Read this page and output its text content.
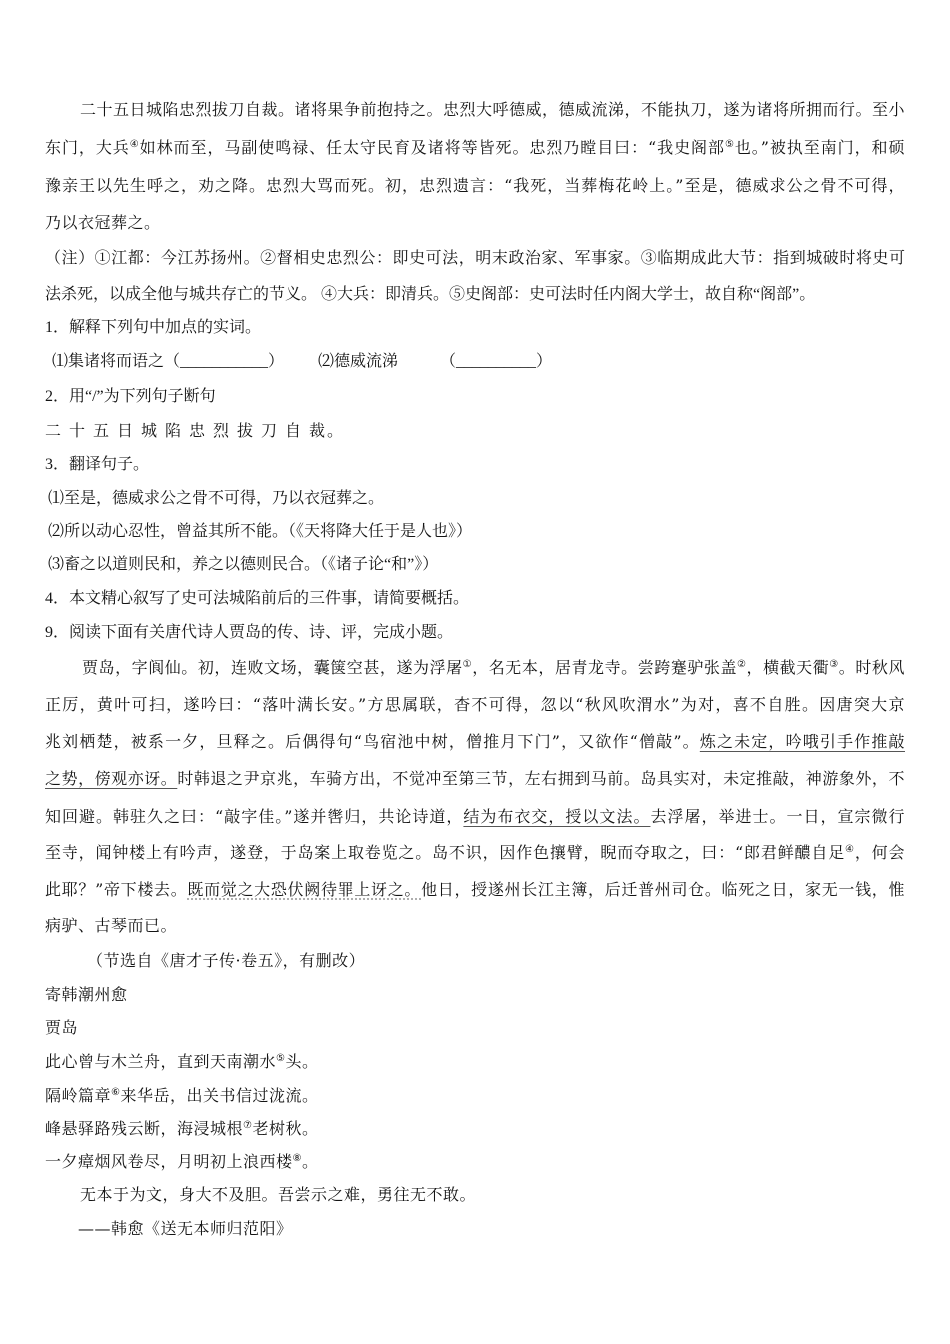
二十五日城陷忠烈拔刀自裁。诸将果争前抱持之。忠烈大呼德威，德威流涕，不能执刀，遂为诸将所拥而行。至小
东门，大兵④如林而至，马副使鸣禄、任太守民育及诸将等皆死。忠烈乃瞠目曰：“我史阁部⑤也。”被执至南门，和硕
豫亲王以先生呼之，劝之降。忠烈大骂而死。初，忠烈遗言：“我死，当葬梅花岭上。”至是，德威求公之骨不可得，
乃以衣冠葬之。
（注）①江都：今江苏扬州。②督相史忠烈公：即史可法，明末政治家、军事家。③临期成此大节：指到城破时将史可
法杀死，以成全他与城共存亡的节义。 ④大兵：即清兵。⑤史阁部：史可法时任内阁大学士，故自称“阁部”。
1．解释下列句中加点的实词。
⑴集诸将而语之（___________）	⑵德威流涕	（__________）
2．用“/”为下列句子断句
二 十 五 日 城 陷 忠 烈 拔 刀 自 裁。
3．翻译句子。
⑴至是，德威求公之骨不可得，乃以衣冠葬之。
⑵所以动心忍性，曾益其所不能。（《天将降大任于是人也》）
⑶畜之以道则民和，养之以德则民合。（《诸子论“和”》）
4．本文精心叙写了史可法城陷前后的三件事，请简要概括。
9．阅读下面有关唐代诗人贾岛的传、诗、评，完成小题。
贾岛，字阆仙。初，连败文场，囊箧空甚，遂为浮屠①，名无本，居青龙寺。尝跨蹇驴张盖②，横截天衢③。时秋风
正厉，黄叶可扫，遂吟曰：“落叶满长安。”方思属联，杳不可得，忽以“秋风吹渭水”为对，喜不自胜。因唐突大京
兆刘栖楚，被系一夕，旦释之。后偶得句“鸟宿池中树，僧推月下门”，又欲作“僧敲”。炼之未定，吟哦引手作推敲
之势，傍观亦讶。时韩退之尹京兆，车骑方出，不觉冲至第三节，左右拥到马前。岛具实对，未定推敲，神游象外，不
知回避。韩驻久之曰：“敲字佳。”遂并辔归，共论诗道，结为布衣交，授以文法。去浮屠，举进士。一日，宣宗微行
至寺，闻钟楼上有吟声，遂登，于岛案上取卷览之。岛不识，因作色攘臂，睨而夺取之，曰：“郎君鲜醲自足④，何会
此耶？”帝下楼去。既而觉之大恐伏阙待罪上讶之。他日，授遂州长江主簿，后迁普州司仓。临死之日，家无一钱，惟
病驴、古琴而已。
（节选自《唐才子传·卷五》，有删改）
寄韩潮州愈
贾岛
此心曾与木兰舟，直到天南潮水⑤头。
隔岭篇章⑥来华岳，出关书信过泷流。
峰悬驿路残云断，海浸城根⑦老树秋。
一夕瘴烟风卷尽，月明初上浪西楼⑧。
无本于为文，身大不及胆。吾尝示之难，勇往无不敢。
——韩愈《送无本师归范阳》
